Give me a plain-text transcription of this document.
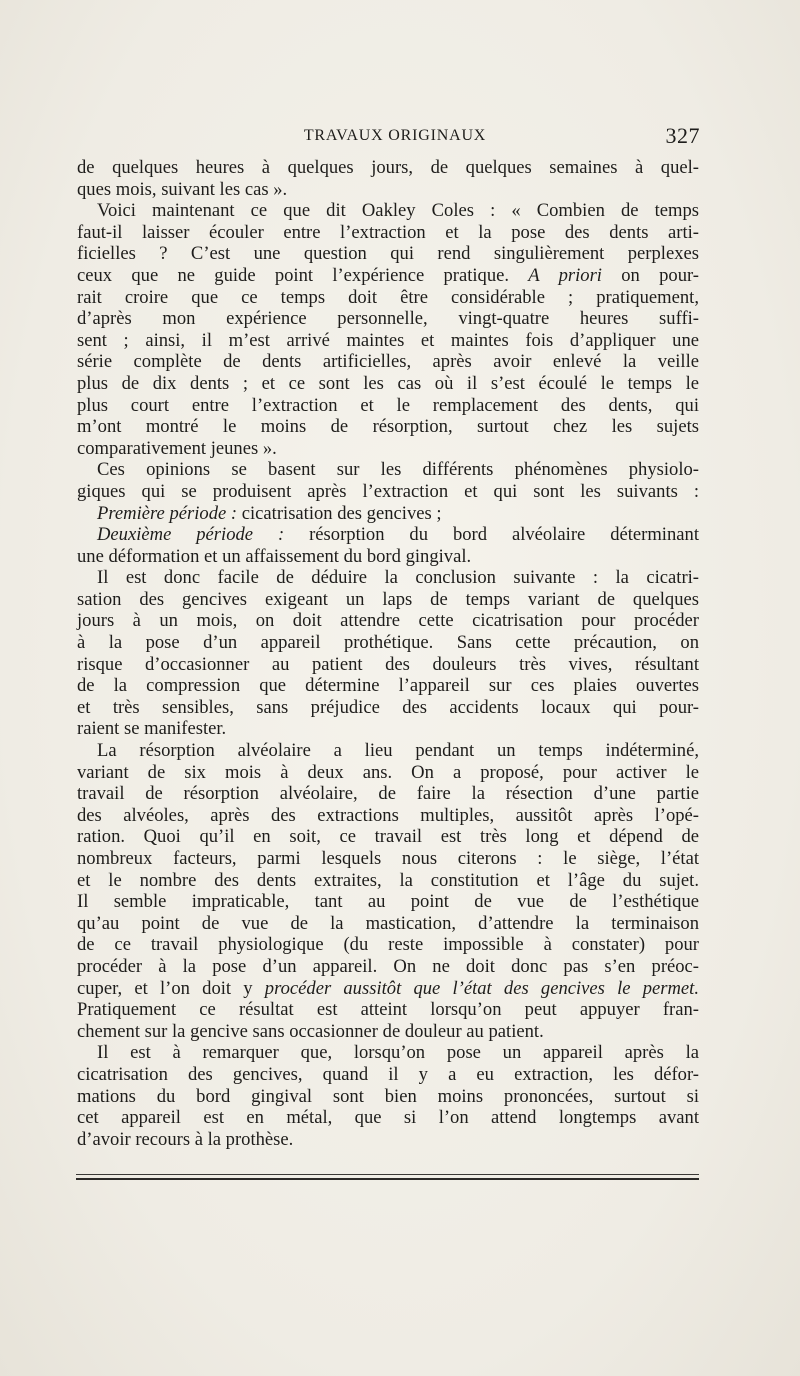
TRAVAUX ORIGINAUX	327
de quelques heures à quelques jours, de quelques semaines à quel-
ques mois, suivant les cas ».
Voici maintenant ce que dit Oakley Coles : « Combien de temps
faut-il laisser écouler entre l’extraction et la pose des dents arti-
ficielles ? C’est une question qui rend singulièrement perplexes
ceux que ne guide point l’expérience pratique. A priori on pour-
rait croire que ce temps doit être considérable ; pratiquement,
d’après mon expérience personnelle, vingt-quatre heures suffi-
sent ; ainsi, il m’est arrivé maintes et maintes fois d’appliquer une
série complète de dents artificielles, après avoir enlevé la veille
plus de dix dents ; et ce sont les cas où il s’est écoulé le temps le
plus court entre l’extraction et le remplacement des dents, qui
m’ont montré le moins de résorption, surtout chez les sujets
comparativement jeunes ».
Ces opinions se basent sur les différents phénomènes physiolo-
giques qui se produisent après l’extraction et qui sont les suivants :
Première période : cicatrisation des gencives ;
Deuxième période : résorption du bord alvéolaire déterminant
une déformation et un affaissement du bord gingival.
Il est donc facile de déduire la conclusion suivante : la cicatri-
sation des gencives exigeant un laps de temps variant de quelques
jours à un mois, on doit attendre cette cicatrisation pour procéder
à la pose d’un appareil prothétique. Sans cette précaution, on
risque d’occasionner au patient des douleurs très vives, résultant
de la compression que détermine l’appareil sur ces plaies ouvertes
et très sensibles, sans préjudice des accidents locaux qui pour-
raient se manifester.
La résorption alvéolaire a lieu pendant un temps indéterminé,
variant de six mois à deux ans. On a proposé, pour activer le
travail de résorption alvéolaire, de faire la résection d’une partie
des alvéoles, après des extractions multiples, aussitôt après l’opé-
ration. Quoi qu’il en soit, ce travail est très long et dépend de
nombreux facteurs, parmi lesquels nous citerons : le siège, l’état
et le nombre des dents extraites, la constitution et l’âge du sujet.
Il semble impraticable, tant au point de vue de l’esthétique
qu’au point de vue de la mastication, d’attendre la terminaison
de ce travail physiologique (du reste impossible à constater) pour
procéder à la pose d’un appareil. On ne doit donc pas s’en préoc-
cuper, et l’on doit y procéder aussitôt que l’état des gencives le permet.
Pratiquement ce résultat est atteint lorsqu’on peut appuyer fran-
chement sur la gencive sans occasionner de douleur au patient.
Il est à remarquer que, lorsqu’on pose un appareil après la
cicatrisation des gencives, quand il y a eu extraction, les défor-
mations du bord gingival sont bien moins prononcées, surtout si
cet appareil est en métal, que si l’on attend longtemps avant
d’avoir recours à la prothèse.
